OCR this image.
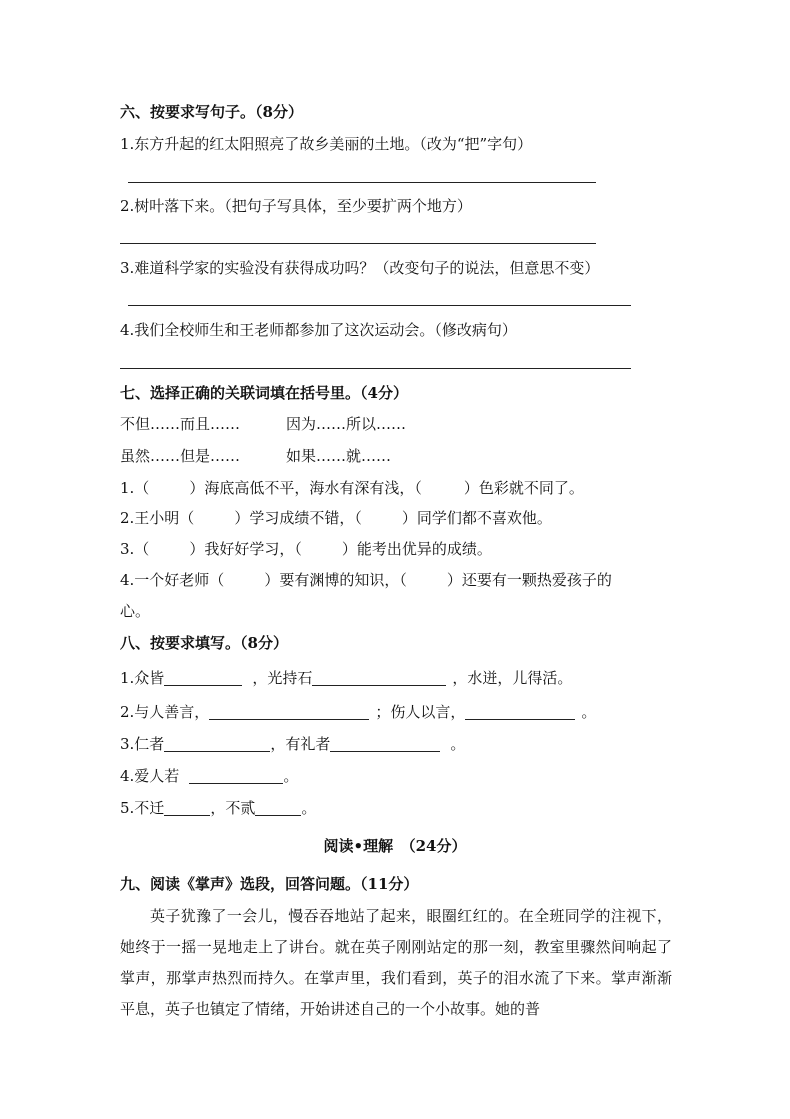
六、按要求写句子。（8分）
1.东方升起的红太阳照亮了故乡美丽的土地。（改为“把”字句）
2.树叶落下来。（把句子写具体，至少要扩两个地方）
3.难道科学家的实验没有获得成功吗？（改变句子的说法，但意思不变）
4.我们全校师生和王老师都参加了这次运动会。（修改病句）
七、选择正确的关联词填在括号里。（4分）
不但……而且……	因为……所以……
虽然……但是……	如果……就……
1.（	）海底高低不平，海水有深有浅，（	）色彩就不同了。
2.王小明（	）学习成绩不错，（	）同学们都不喜欢他。
3.（	）我好好学习，（	）能考出优异的成绩。
4.一个好老师（	）要有渊博的知识，（	）还要有一颗热爱孩子的
心。
八、按要求填写。（8分）
1.众皆	，光持石	，水迸，儿得活。
2.与人善言，	；伤人以言，	。
3.仁者	，有礼者	。
4.爱人若	。
5.不迁	，不贰	。
阅读•理解　（24分）
九、阅读《掌声》选段，回答问题。（11分）
英子犹豫了一会儿，慢吞吞地站了起来，眼圈红红的。在全班同学的注视下，她终于一摇一晃地走上了讲台。就在英子刚刚站定的那一刻，教室里骤然间响起了掌声，那掌声热烈而持久。在掌声里，我们看到，英子的泪水流了下来。掌声渐渐平息，英子也镇定了情绪，开始讲述自己的一个小故事。她的普
